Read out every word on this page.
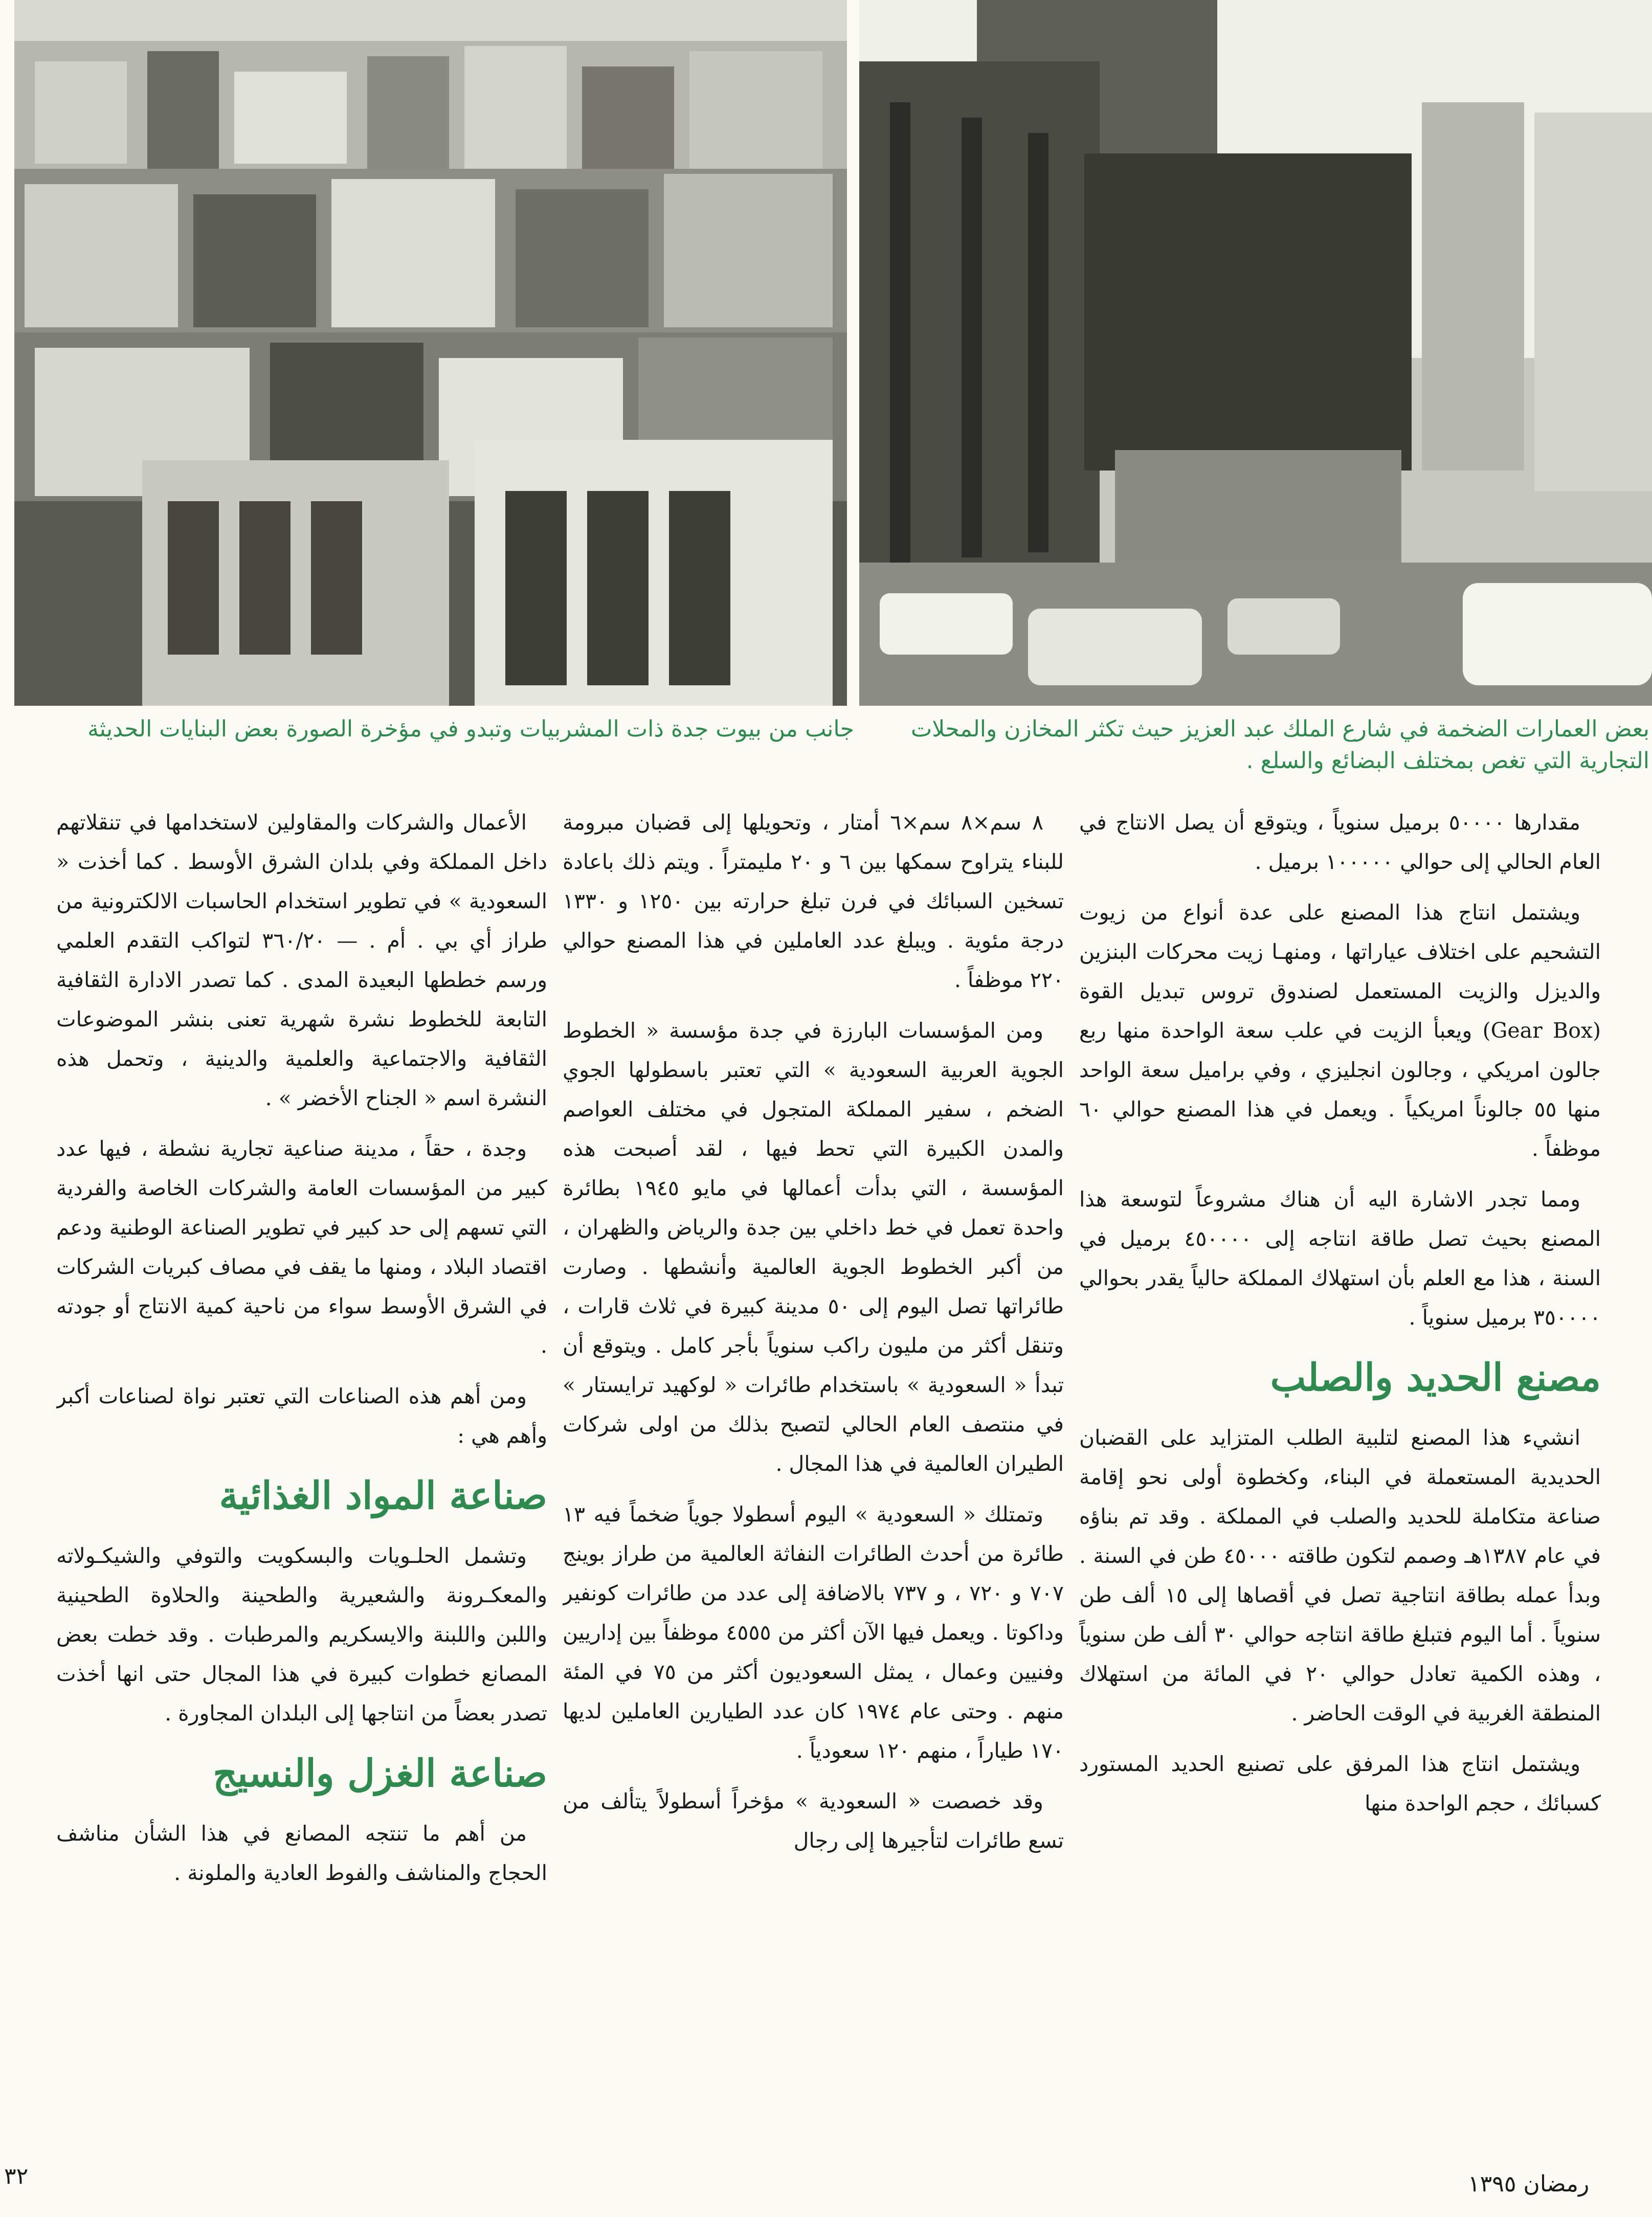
جانب من بيوت جدة ذات المشربيات وتبدو في مؤخرة الصورة بعض البنايات الحديثة	بعض العمارات الضخمة في شارع الملك عبد العزيز حيث تكثر المخازن والمحلات التجارية التي تغص بمختلف البضائع والسلع .

مقدارها ٥٠٠٠٠ برميل سنوياً ، ويتوقع أن يصل الانتاج في العام الحالي إلى حوالي ١٠٠٠٠٠ برميل .

ويشتمل انتاج هذا المصنع على عدة أنواع من زيوت التشحيم على اختلاف عياراتها ، ومنهـا زيت محركات البنزين والديزل والزيت المستعمل لصندوق تروس تبديل القوة (Gear Box) ويعبأ الزيت في علب سعة الواحدة منها ربع جالون امريكي ، وجالون انجليزي ، وفي براميل سعة الواحد منها ٥٥ جالوناً امريكياً . ويعمل في هذا المصنع حوالي ٦٠ موظفاً .

ومما تجدر الاشارة اليه أن هناك مشروعاً لتوسعة هذا المصنع بحيث تصل طاقة انتاجه إلى ٤٥٠٠٠٠ برميل في السنة ، هذا مع العلم بأن استهلاك المملكة حالياً يقدر بحوالي ٣٥٠٠٠٠ برميل سنوياً .

مصنع الحديد والصلب

انشيء هذا المصنع لتلبية الطلب المتزايد على القضبان الحديدية المستعملة في البناء، وكخطوة أولى نحو إقامة صناعة متكاملة للحديد والصلب في المملكة . وقد تم بناؤه في عام ١٣٨٧هـ وصمم لتكون طاقته ٤٥٠٠٠ طن في السنة . وبدأ عمله بطاقة انتاجية تصل في أقصاها إلى ١٥ ألف طن سنوياً . أما اليوم فتبلغ طاقة انتاجه حوالي ٣٠ ألف طن سنوياً ، وهذه الكمية تعادل حوالي ٢٠ في المائة من استهلاك المنطقة الغربية في الوقت الحاضر .

ويشتمل انتاج هذا المرفق على تصنيع الحديد المستورد كسبائك ، حجم الواحدة منها

٨ سم×٨ سم×٦ أمتار ، وتحويلها إلى قضبان مبرومة للبناء يتراوح سمكها بين ٦ و ٢٠ مليمتراً . ويتم ذلك باعادة تسخين السبائك في فرن تبلغ حرارته بين ١٢٥٠ و ١٣٣٠ درجة مئوية . ويبلغ عدد العاملين في هذا المصنع حوالي ٢٢٠ موظفاً .

ومن المؤسسات البارزة في جدة مؤسسة « الخطوط الجوية العربية السعودية » التي تعتبر باسطولها الجوي الضخم ، سفير المملكة المتجول في مختلف العواصم والمدن الكبيرة التي تحط فيها ، لقد أصبحت هذه المؤسسة ، التي بدأت أعمالها في مايو ١٩٤٥ بطائرة واحدة تعمل في خط داخلي بين جدة والرياض والظهران ، من أكبر الخطوط الجوية العالمية وأنشطها . وصارت طائراتها تصل اليوم إلى ٥٠ مدينة كبيرة في ثلاث قارات ، وتنقل أكثر من مليون راكب سنوياً بأجر كامل . ويتوقع أن تبدأ « السعودية » باستخدام طائرات « لوكهيد ترايستار » في منتصف العام الحالي لتصبح بذلك من اولى شركات الطيران العالمية في هذا المجال .

وتمتلك « السعودية » اليوم أسطولا جوياً ضخماً فيه ١٣ طائرة من أحدث الطائرات النفاثة العالمية من طراز بوينج ٧٠٧ و ٧٢٠ ، و ٧٣٧ بالاضافة إلى عدد من طائرات كونفير وداكوتا . ويعمل فيها الآن أكثر من ٤٥٥٥ موظفاً بين إداريين وفنيين وعمال ، يمثل السعوديون أكثر من ٧٥ في المئة منهم . وحتى عام ١٩٧٤ كان عدد الطيارين العاملين لديها ١٧٠ طياراً ، منهم ١٢٠ سعودياً .

وقد خصصت « السعودية » مؤخراً أسطولاً يتألف من تسع طائرات لتأجيرها إلى رجال

الأعمال والشركات والمقاولين لاستخدامها في تنقلاتهم داخل المملكة وفي بلدان الشرق الأوسط . كما أخذت « السعودية » في تطوير استخدام الحاسبات الالكترونية من طراز أي بي . أم . — ٣٦٠/٢٠ لتواكب التقدم العلمي ورسم خططها البعيدة المدى . كما تصدر الادارة الثقافية التابعة للخطوط نشرة شهرية تعنى بنشر الموضوعات الثقافية والاجتماعية والعلمية والدينية ، وتحمل هذه النشرة اسم « الجناح الأخضر » .

وجدة ، حقاً ، مدينة صناعية تجارية نشطة ، فيها عدد كبير من المؤسسات العامة والشركات الخاصة والفردية التي تسهم إلى حد كبير في تطوير الصناعة الوطنية ودعم اقتصاد البلاد ، ومنها ما يقف في مصاف كبريات الشركات في الشرق الأوسط سواء من ناحية كمية الانتاج أو جودته .

ومن أهم هذه الصناعات التي تعتبر نواة لصناعات أكبر وأهم هي :

صناعة المواد الغذائية

وتشمل الحلـويات والبسكويت والتوفي والشيكـولاته والمعكـرونة والشعيرية والطحينة والحلاوة الطحينية واللبن واللبنة والايسكريم والمرطبات . وقد خطت بعض المصانع خطوات كبيرة في هذا المجال حتى انها أخذت تصدر بعضاً من انتاجها إلى البلدان المجاورة .

صناعة الغزل والنسيج

من أهم ما تنتجه المصانع في هذا الشأن مناشف الحجاج والمناشف والفوط العادية والملونة .

٣٢	رمضان ١٣٩٥
